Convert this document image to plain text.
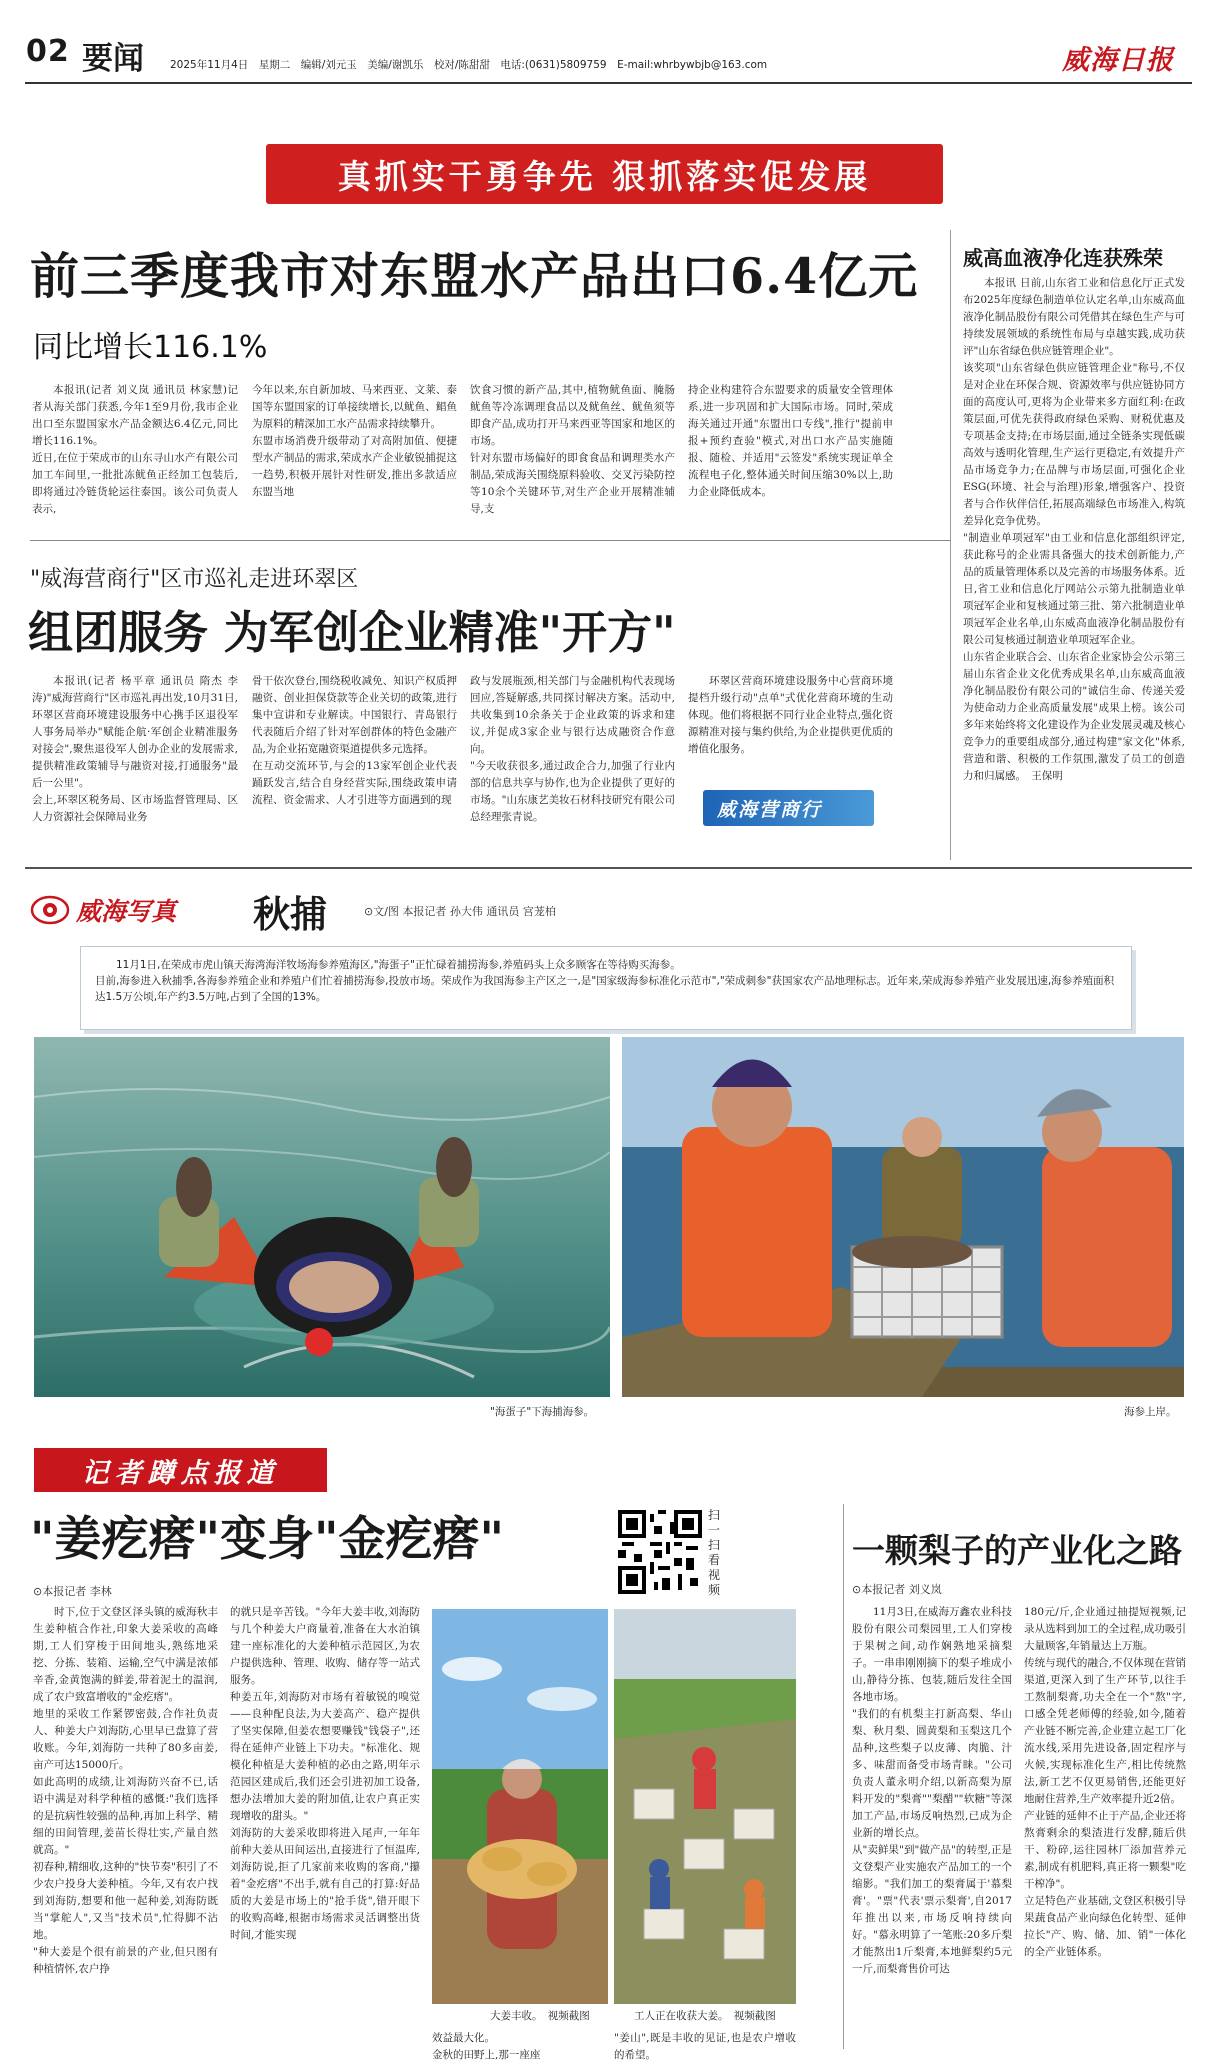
02 要闻 2025年11月4日　星期二　编辑/刘元玉　美编/谢凯乐　校对/陈甜甜　电话:(0631)5809759　E-mail:whrbywbjb@163.com	威海日报
真抓实干勇争先 狠抓落实促发展
前三季度我市对东盟水产品出口6.4亿元
同比增长116.1%

本报讯(记者 刘义岚 通讯员 林家慧)记者从海关部门获悉,今年1至9月份,我市企业出口至东盟国家水产品金额达6.4亿元,同比增长116.1%。
近日,在位于荣成市的山东寻山水产有限公司加工车间里,一批批冻鱿鱼正经加工包装后,即将通过冷链货轮运往泰国。该公司负责人表示,

今年以来,东自新加坡、马来西亚、文莱、泰国等东盟国家的订单接续增长,以鱿鱼、鲳鱼为原料的精深加工水产品需求持续攀升。
东盟市场消费升级带动了对高附加值、便捷型水产制品的需求,荣成水产企业敏锐捕捉这一趋势,积极开展针对性研发,推出多款适应东盟当地

饮食习惯的新产品,其中,植物鱿鱼面、腌肠鱿鱼等冷冻调理食品以及鱿鱼丝、鱿鱼须等即食产品,成功打开马来西亚等国家和地区的市场。
针对东盟市场偏好的即食食品和调理类水产制品,荣成海关围绕原料验收、交叉污染防控等10余个关键环节,对生产企业开展精准辅导,支

持企业构建符合东盟要求的质量安全管理体系,进一步巩固和扩大国际市场。同时,荣成海关通过开通"东盟出口专线",推行"提前申报+预约查验"模式,对出口水产品实施随报、随检、并适用"云签发"系统实现证单全流程电子化,整体通关时间压缩30%以上,助力企业降低成本。

威高血液净化连获殊荣

本报讯 日前,山东省工业和信息化厅正式发布2025年度绿色制造单位认定名单,山东威高血液净化制品股份有限公司凭借其在绿色生产与可持续发展领域的系统性布局与卓越实践,成功获评"山东省绿色供应链管理企业"。
该奖项"山东省绿色供应链管理企业"称号,不仅是对企业在环保合规、资源效率与供应链协同方面的高度认可,更将为企业带来多方面红利:在政策层面,可优先获得政府绿色采购、财税优惠及专项基金支持;在市场层面,通过全链条实现低碳高效与透明化管理,生产运行更稳定,有效提升产品市场竞争力;在品牌与市场层面,可强化企业ESG(环境、社会与治理)形象,增强客户、投资者与合作伙伴信任,拓展高端绿色市场准入,构筑差异化竞争优势。
"制造业单项冠军"由工业和信息化部组织评定,获此称号的企业需具备强大的技术创新能力,产品的质量管理体系以及完善的市场服务体系。近日,省工业和信息化厅网站公示第九批制造业单项冠军企业和复核通过第三批、第六批制造业单项冠军企业名单,山东威高血液净化制品股份有限公司复核通过制造业单项冠军企业。
山东省企业联合会、山东省企业家协会公示第三届山东省企业文化优秀成果名单,山东威高血液净化制品股份有限公司的"诚信生命、传递关爱为使命动力企业高质量发展"成果上榜。该公司多年来始终将文化建设作为企业发展灵魂及核心竞争力的重要组成部分,通过构建"家文化"体系,营造和谐、积极的工作氛围,激发了员工的创造力和归属感。　王保明

"威海营商行"区市巡礼走进环翠区
组团服务 为军创企业精准"开方"

本报讯(记者 杨平章 通讯员 隋杰 李涛)"威海营商行"区市巡礼再出发,10月31日,环翠区营商环境建设服务中心携手区退役军人事务局举办"赋能企航·军创企业精准服务对接会",聚焦退役军人创办企业的发展需求,提供精准政策辅导与融资对接,打通服务"最后一公里"。
会上,环翠区税务局、区市场监督管理局、区人力资源社会保障局业务

骨干依次登台,围绕税收减免、知识产权质押融资、创业担保贷款等企业关切的政策,进行集中宣讲和专业解读。中国银行、青岛银行代表随后介绍了针对军创群体的特色金融产品,为企业拓宽融资渠道提供多元选择。
在互动交流环节,与会的13家军创企业代表踊跃发言,结合自身经营实际,围绕政策申请流程、资金需求、人才引进等方面遇到的现

政与发展瓶颈,相关部门与金融机构代表现场回应,答疑解惑,共同探讨解决方案。活动中,共收集到10余条关于企业政策的诉求和建议,并促成3家企业与银行达成融资合作意向。
"今天收获很多,通过政企合力,加强了行业内部的信息共享与协作,也为企业提供了更好的市场。"山东康艺美妆石材科技研究有限公司总经理张青说。

环翠区营商环境建设服务中心营商环境提档升级行动"点单"式优化营商环境的生动体现。他们将根据不同行业企业特点,强化资源精准对接与集约供给,为企业提供更优质的增值化服务。

威海营商行
威海写真 秋捕	⊙文/图 本报记者 孙大伟 通讯员 宫茏柏
11月1日,在荣成市虎山镇天海湾海洋牧场海参养殖海区,"海蛋子"正忙碌着捕捞海参,养殖码头上众多顾客在等待购买海参。
目前,海参进入秋捕季,各海参养殖企业和养殖户们忙着捕捞海参,投放市场。荣成作为我国海参主产区之一,是"国家级海参标准化示范市","荣成刺参"获国家农产品地理标志。近年来,荣成海参养殖产业发展迅速,海参养殖面积达1.5万公顷,年产约3.5万吨,占到了全国的13%。
"海蛋子"下海捕海参。	海参上岸。
记者蹲点报道
"姜疙瘩"变身"金疙瘩"	扫一扫 看视频
⊙本报记者 李林

时下,位于文登区泽头镇的威海秋丰生姜种植合作社,印象大姜采收的高峰期,工人们穿梭于田间地头,熟练地采挖、分拣、装箱、运输,空气中满是浓郁辛香,金黄饱满的鲜姜,带着泥土的温润,成了农户致富增收的"金疙瘩"。
地里的采收工作紧锣密鼓,合作社负责人、种姜大户刘海防,心里早已盘算了营收账。今年,刘海防一共种了80多亩姜,亩产可达15000斤。
如此高明的成绩,让刘海防兴奋不已,话语中满是对科学种植的感慨:"我们选择的是抗病性较强的品种,再加上科学、精细的田间管理,姜苗长得壮实,产量自然就高。"
初春种,精细收,这种的"快节奏"积引了不少农户投身大姜种植。今年,又有农户找到刘海防,想要和他一起种姜,刘海防既当"掌舵人",又当"技术员",忙得脚不沾地。
"种大姜是个很有前景的产业,但只图有种植情怀,农户挣

的就只是辛苦钱。"今年大姜丰收,刘海防与几个种姜大户商量着,准备在大水泊镇建一座标准化的大姜种植示范园区,为农户提供选种、管理、收购、储存等一站式服务。
种姜五年,刘海防对市场有着敏锐的嗅觉——良种配良法,为大姜高产、稳产提供了坚实保障,但姜农想要赚钱"钱袋子",还得在延伸产业链上下功夫。"标准化、规模化种植是大姜种植的必由之路,明年示范园区建成后,我们还会引进初加工设备,想办法增加大姜的附加值,让农户真正实现增收的甜头。"
刘海防的大姜采收即将进入尾声,一年年前种大姜从田间运出,直接进行了恒温库,刘海防说,拒了几家前来收购的客商,"攥着"金疙瘩"不出手,就有自己的打算:好品质的大姜是市场上的"抢手货",错开眼下的收购高峰,根据市场需求灵活调整出货时间,才能实现

大姜丰收。　视频截图	工人正在收获大姜。　视频截图

效益最大化。
金秋的田野上,那一座座

"姜山",既是丰收的见证,也是农户增收的希望。

一颗梨子的产业化之路
⊙本报记者 刘义岚

11月3日,在威海万鑫农业科技股份有限公司梨园里,工人们穿梭于果树之间,动作娴熟地采摘梨子。一串串刚刚摘下的梨子堆成小山,静待分拣、包装,随后发往全国各地市场。
"我们的有机梨主打新高梨、华山梨、秋月梨、圆黄梨和玉梨这几个品种,这些梨子以皮薄、肉脆、汁多、味甜而备受市场青睐。"公司负责人董永明介绍,以新高梨为原料开发的"梨膏""梨醋""软糖"等深加工产品,市场反响热烈,已成为企业新的增长点。
从"卖鲜果"到"做产品"的转型,正是文登梨产业实施农产品加工的一个缩影。"我们加工的梨膏属于'慕梨膏'。"票"代表'票示梨膏',自2017年推出以来,市场反响持续向好。"慕永明算了一笔账:20多斤梨才能熬出1斤梨膏,本地鲜梨约5元一斤,而梨膏售价可达

180元/斤,企业通过抽提短视频,记录从选料到加工的全过程,成功吸引大量顾客,年销量达上万瓶。
传统与现代的融合,不仅体现在营销渠道,更深入到了生产环节,以往手工熬制梨膏,功夫全在一个"熬"字,口感全凭老师傅的经验,如今,随着产业链不断完善,企业建立起工厂化流水线,采用先进设备,固定程序与火候,实现标准化生产,相比传统熬法,新工艺不仅更易销售,还能更好地耐住营养,生产效率提升近2倍。
产业链的延伸不止于产品,企业还将熬膏剩余的梨渣进行发酵,随后供干、粉碎,运往园林厂添加营养元素,制成有机肥料,真正将一颗梨"吃干榨净"。
立足特色产业基础,文登区积极引导果蔬食品产业向绿色化转型、延伸拉长"产、购、储、加、销"一体化的全产业链体系。
